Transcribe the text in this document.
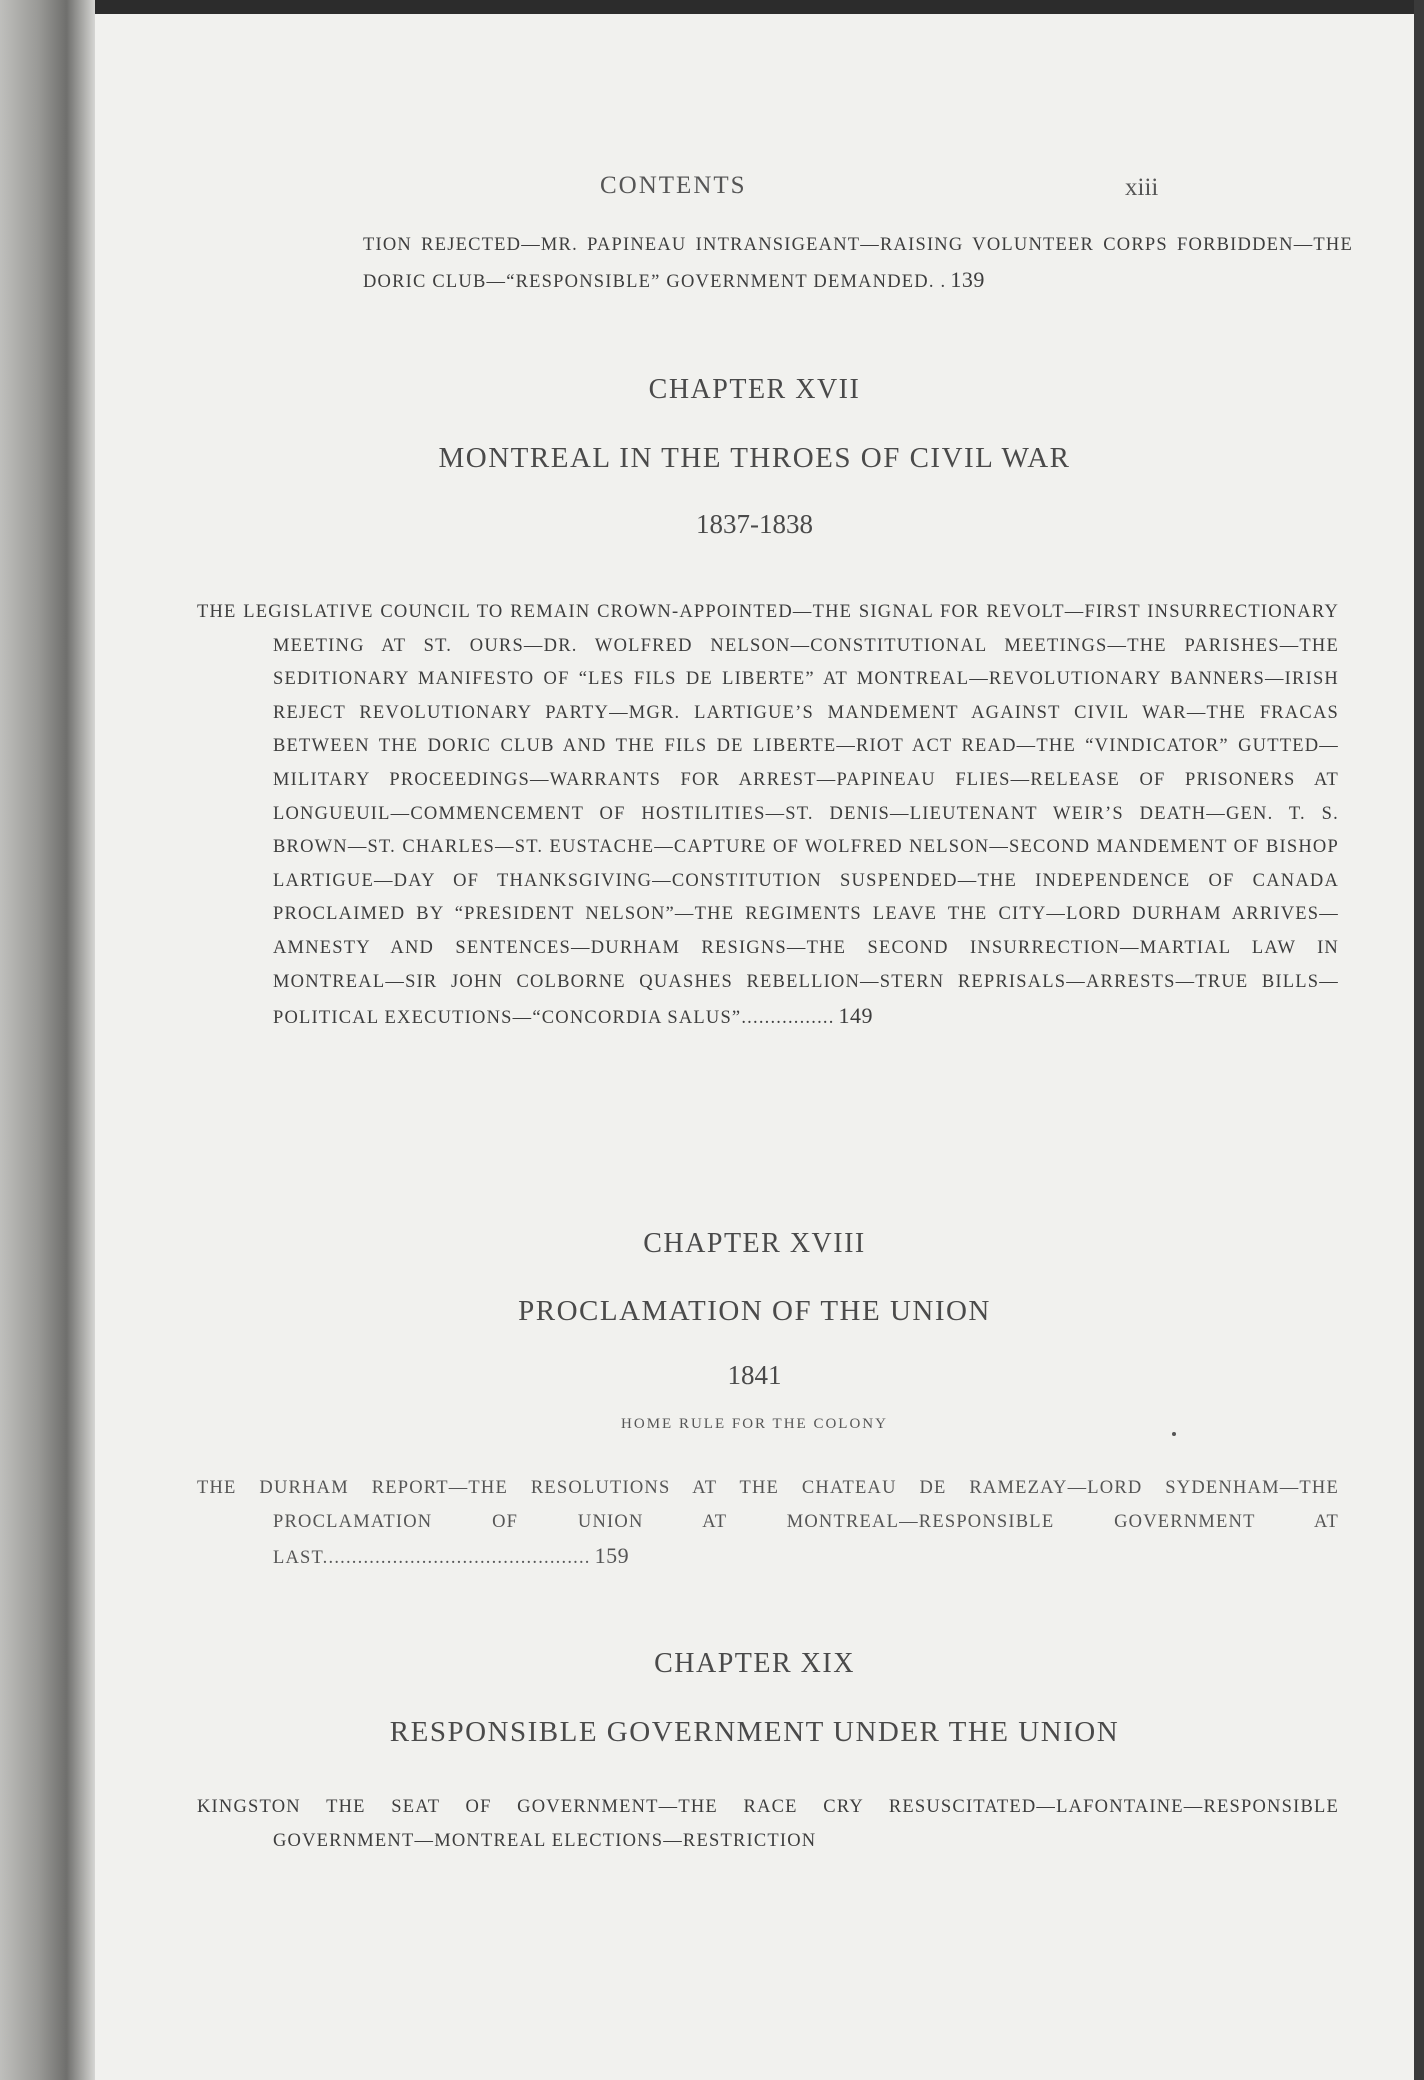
CONTENTS	xiii
TION REJECTED—MR. PAPINEAU INTRANSIGEANT—RAISING VOLUNTEER CORPS FORBIDDEN—THE DORIC CLUB—“RESPONSIBLE” GOVERNMENT DEMANDED. . 139
CHAPTER XVII
MONTREAL IN THE THROES OF CIVIL WAR
1837-1838
THE LEGISLATIVE COUNCIL TO REMAIN CROWN-APPOINTED—THE SIGNAL FOR REVOLT—FIRST INSURRECTIONARY MEETING AT ST. OURS—DR. WOLFRED NELSON—CONSTITUTIONAL MEETINGS—THE PARISHES—THE SEDITIONARY MANIFESTO OF “LES FILS DE LIBERTE” AT MONTREAL—REVOLUTIONARY BANNERS—IRISH REJECT REVOLUTIONARY PARTY—MGR. LARTIGUE’S MANDEMENT AGAINST CIVIL WAR—THE FRACAS BETWEEN THE DORIC CLUB AND THE FILS DE LIBERTE—RIOT ACT READ—THE “VINDICATOR” GUTTED—MILITARY PROCEEDINGS—WARRANTS FOR ARREST—PAPINEAU FLIES—RELEASE OF PRISONERS AT LONGUEUIL—COMMENCEMENT OF HOSTILITIES—ST. DENIS—LIEUTENANT WEIR’S DEATH—GEN. T. S. BROWN—ST. CHARLES—ST. EUSTACHE—CAPTURE OF WOLFRED NELSON—SECOND MANDEMENT OF BISHOP LARTIGUE—DAY OF THANKSGIVING—CONSTITUTION SUSPENDED—THE INDEPENDENCE OF CANADA PROCLAIMED BY “PRESIDENT NELSON”—THE REGIMENTS LEAVE THE CITY—LORD DURHAM ARRIVES—AMNESTY AND SENTENCES—DURHAM RESIGNS—THE SECOND INSURRECTION—MARTIAL LAW IN MONTREAL—SIR JOHN COLBORNE QUASHES REBELLION—STERN REPRISALS—ARRESTS—TRUE BILLS—POLITICAL EXECUTIONS—“CONCORDIA SALUS”................ 149
CHAPTER XVIII
PROCLAMATION OF THE UNION
1841
HOME RULE FOR THE COLONY
THE DURHAM REPORT—THE RESOLUTIONS AT THE CHATEAU DE RAMEZAY—LORD SYDENHAM—THE PROCLAMATION OF UNION AT MONTREAL—RESPONSIBLE GOVERNMENT AT LAST.............................................. 159
CHAPTER XIX
RESPONSIBLE GOVERNMENT UNDER THE UNION
KINGSTON THE SEAT OF GOVERNMENT—THE RACE CRY RESUSCITATED—LAFONTAINE—RESPONSIBLE GOVERNMENT—MONTREAL ELECTIONS—RESTRICTION
